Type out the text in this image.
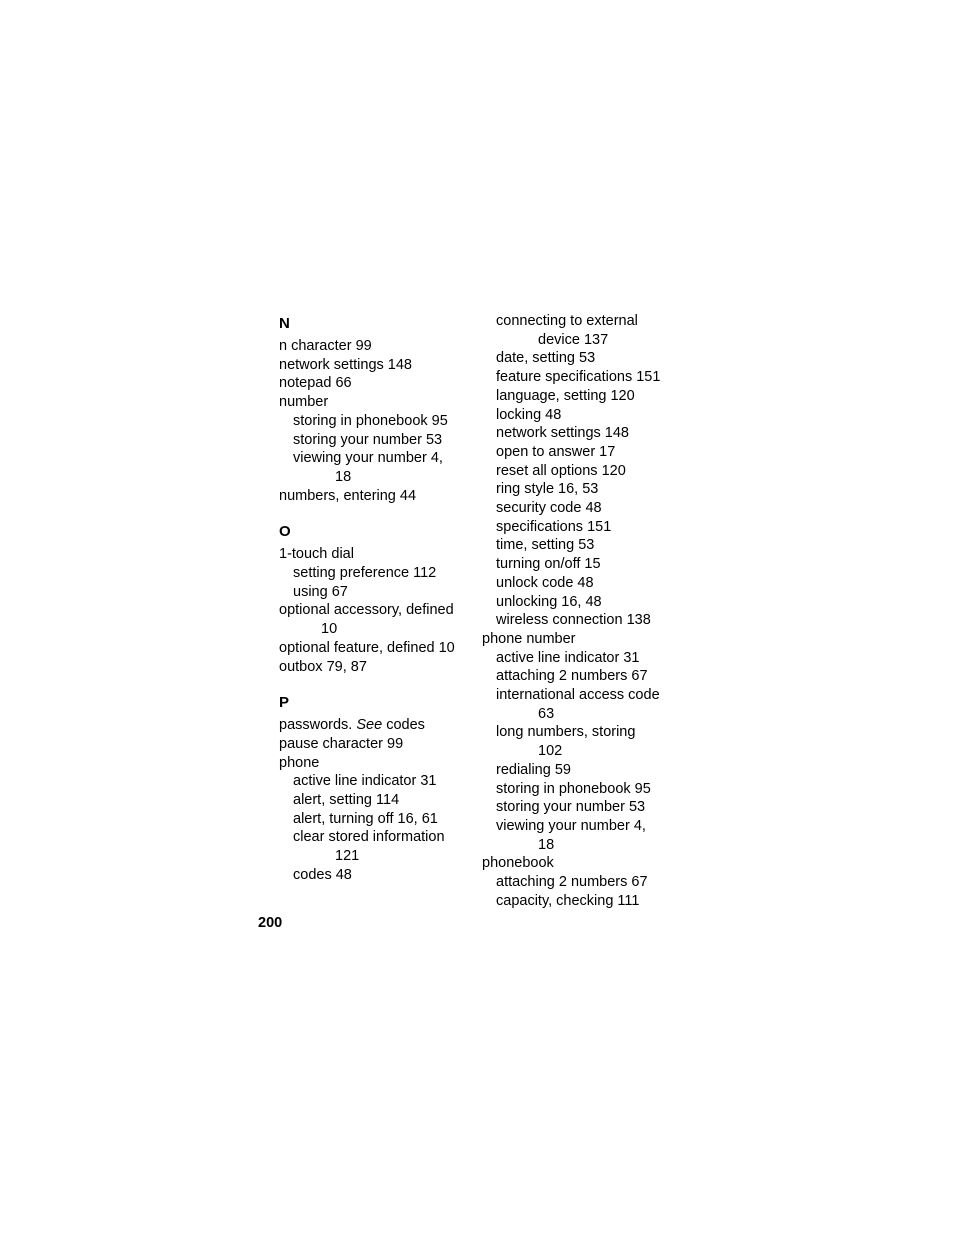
N
n character 99
network settings 148
notepad 66
number
storing in phonebook 95
storing your number 53
viewing your number 4,
18
numbers, entering 44
O
1-touch dial
setting preference 112
using 67
optional accessory, defined
10
optional feature, defined 10
outbox 79, 87
P
passwords. See codes
pause character 99
phone
active line indicator 31
alert, setting 114
alert, turning off 16, 61
clear stored information
121
codes 48
connecting to external
device 137
date, setting 53
feature specifications 151
language, setting 120
locking 48
network settings 148
open to answer 17
reset all options 120
ring style 16, 53
security code 48
specifications 151
time, setting 53
turning on/off 15
unlock code 48
unlocking 16, 48
wireless connection 138
phone number
active line indicator 31
attaching 2 numbers 67
international access code
63
long numbers, storing
102
redialing 59
storing in phonebook 95
storing your number 53
viewing your number 4,
18
phonebook
attaching 2 numbers 67
capacity, checking 111
200
